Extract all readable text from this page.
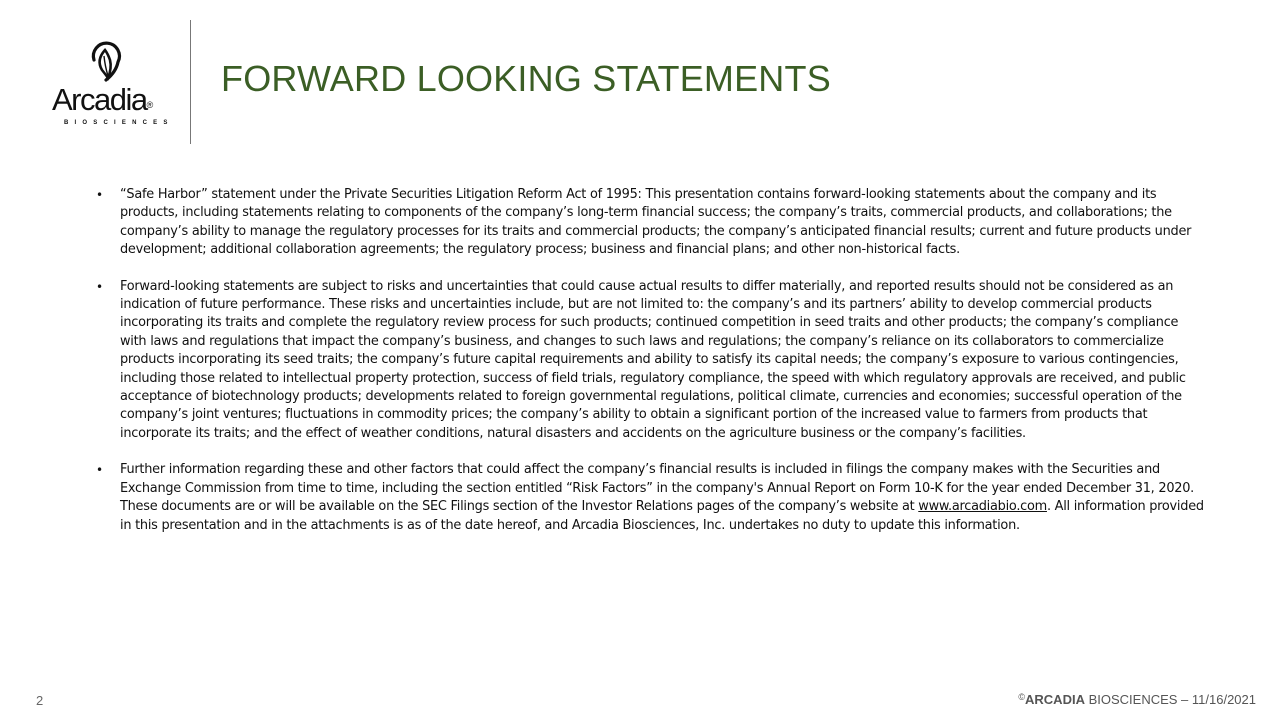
Arcadia®
BIOSCIENCES
FORWARD LOOKING STATEMENTS
•	“Safe Harbor” statement under the Private Securities Litigation Reform Act of 1995: This presentation contains forward-looking statements about the company and its products, including statements relating to components of the company’s long-term financial success; the company’s traits, commercial products, and collaborations; the company’s ability to manage the regulatory processes for its traits and commercial products; the company’s anticipated financial results; current and future products under development; additional collaboration agreements; the regulatory process; business and financial plans; and other non-historical facts.
•	Forward-looking statements are subject to risks and uncertainties that could cause actual results to differ materially, and reported results should not be considered as an indication of future performance. These risks and uncertainties include, but are not limited to: the company’s and its partners’ ability to develop commercial products incorporating its traits and complete the regulatory review process for such products; continued competition in seed traits and other products; the company’s compliance with laws and regulations that impact the company’s business, and changes to such laws and regulations; the company’s reliance on its collaborators to commercialize products incorporating its seed traits; the company’s future capital requirements and ability to satisfy its capital needs; the company’s exposure to various contingencies, including those related to intellectual property protection, success of field trials, regulatory compliance, the speed with which regulatory approvals are received, and public acceptance of biotechnology products; developments related to foreign governmental regulations, political climate, currencies and economies; successful operation of the company’s joint ventures; fluctuations in commodity prices; the company’s ability to obtain a significant portion of the increased value to farmers from products that incorporate its traits; and the effect of weather conditions, natural disasters and accidents on the agriculture business or the company’s facilities.
•	Further information regarding these and other factors that could affect the company’s financial results is included in filings the company makes with the Securities and Exchange Commission from time to time, including the section entitled “Risk Factors” in the company's Annual Report on Form 10-K for the year ended December 31, 2020. These documents are or will be available on the SEC Filings section of the Investor Relations pages of the company’s website at www.arcadiabio.com. All information provided in this presentation and in the attachments is as of the date hereof, and Arcadia Biosciences, Inc. undertakes no duty to update this information.
2	©ARCADIA BIOSCIENCES – 11/16/2021
